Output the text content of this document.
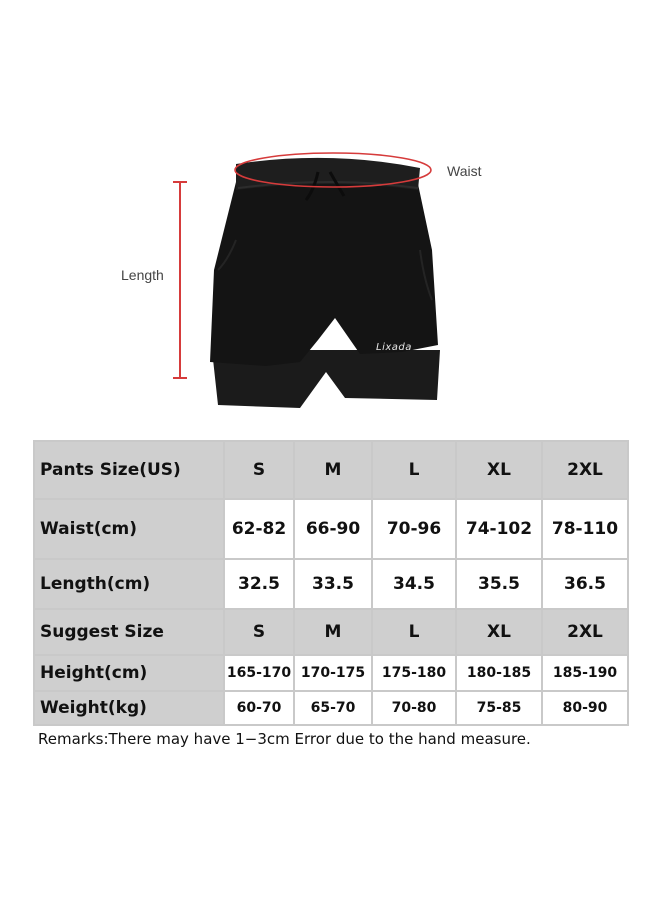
Lixada
Waist
Length
Pants Size(US)	S	M	L	XL	2XL
Waist(cm)	62-82	66-90	70-96	74-102	78-110
Length(cm)	32.5	33.5	34.5	35.5	36.5
Suggest Size	S	M	L	XL	2XL
Height(cm)	165-170	170-175	175-180	180-185	185-190
Weight(kg)	60-70	65-70	70-80	75-85	80-90
Remarks:There may have 1−3cm Error due to the hand measure.
